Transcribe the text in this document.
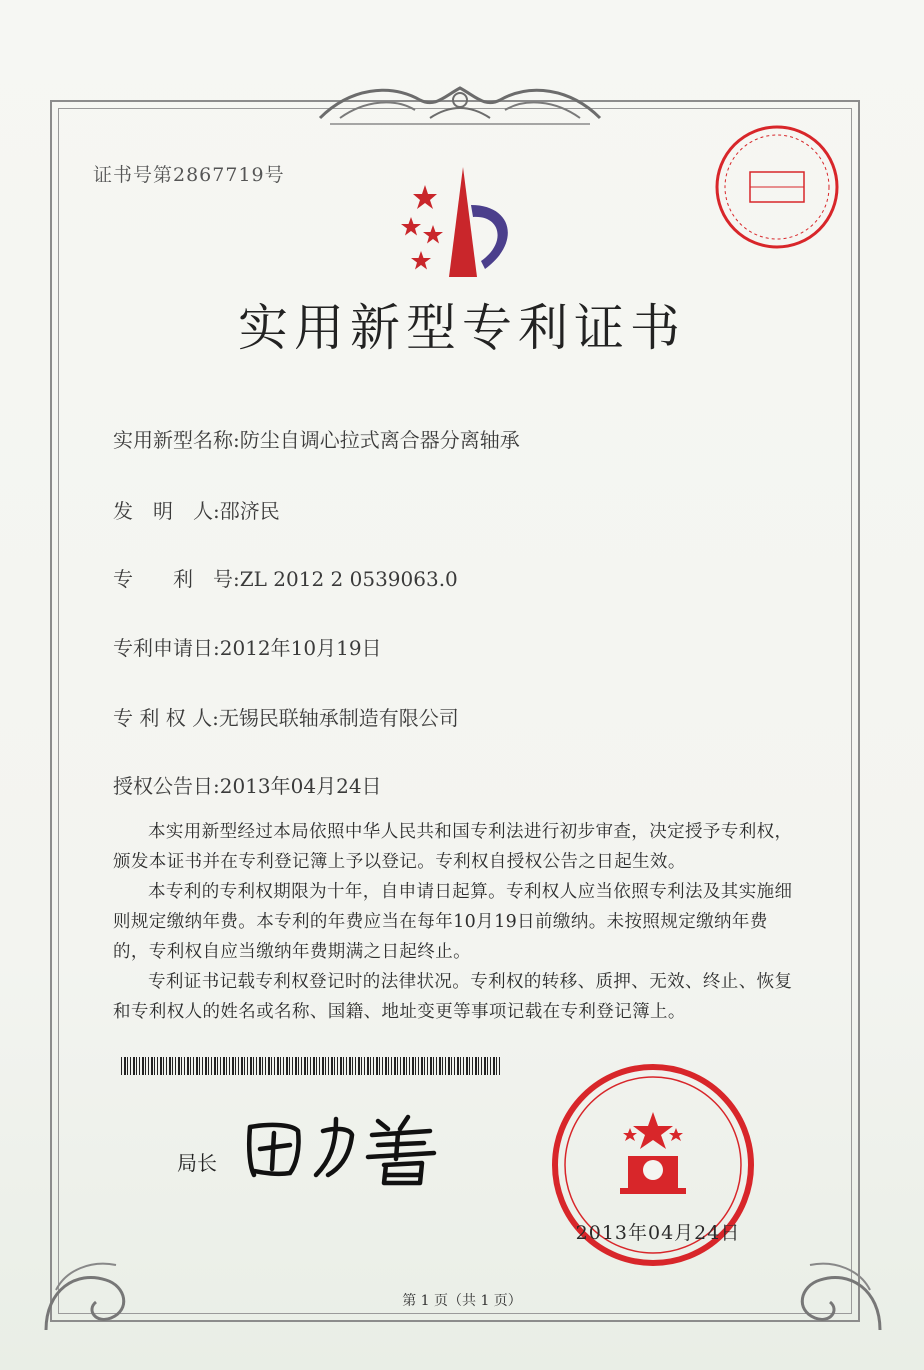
证书号第2867719号
实用新型专利证书
实用新型名称:防尘自调心拉式离合器分离轴承
发　明　人:邵济民
专　　利　号:ZL 2012 2 0539063.0
专利申请日:2012年10月19日
专 利 权 人:无锡民联轴承制造有限公司
授权公告日:2013年04月24日

本实用新型经过本局依照中华人民共和国专利法进行初步审查，决定授予专利权，颁发本证书并在专利登记簿上予以登记。专利权自授权公告之日起生效。

本专利的专利权期限为十年，自申请日起算。专利权人应当依照专利法及其实施细则规定缴纳年费。本专利的年费应当在每年10月19日前缴纳。未按照规定缴纳年费的，专利权自应当缴纳年费期满之日起终止。

专利证书记载专利权登记时的法律状况。专利权的转移、质押、无效、终止、恢复和专利权人的姓名或名称、国籍、地址变更等事项记载在专利登记簿上。

局长
2013年04月24日
第 1 页（共 1 页）
